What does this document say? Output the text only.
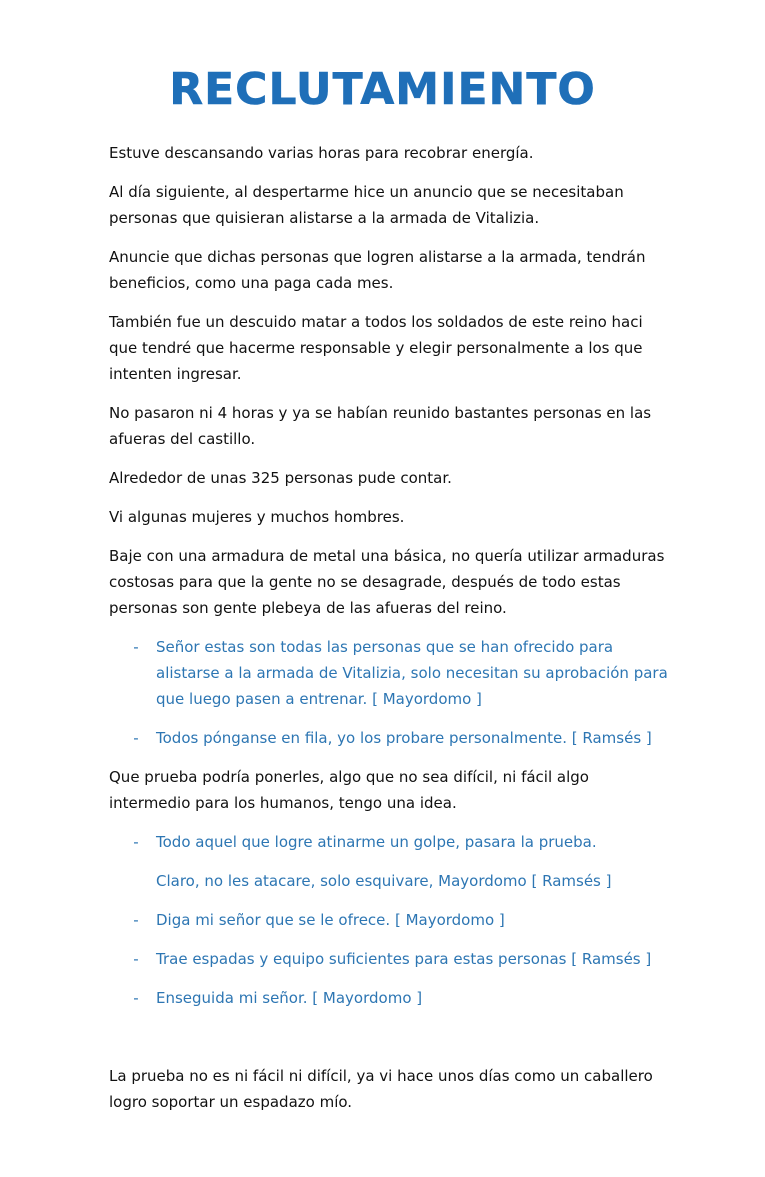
RECLUTAMIENTO

Estuve descansando varias horas para recobrar energía.

Al día siguiente, al despertarme hice un anuncio que se necesitaban personas que quisieran alistarse a la armada de Vitalizia.

Anuncie que dichas personas que logren alistarse a la armada, tendrán beneficios, como una paga cada mes.

También fue un descuido matar a todos los soldados de este reino haci que tendré que hacerme responsable y elegir personalmente a los que intenten ingresar.

No pasaron ni 4 horas y ya se habían reunido bastantes personas en las afueras del castillo.

Alrededor de unas 325 personas pude contar.

Vi algunas mujeres y muchos hombres.

Baje con una armadura de metal una básica, no quería utilizar armaduras costosas para que la gente no se desagrade, después de todo estas personas son gente plebeya de las afueras del reino.

- Señor estas son todas las personas que se han ofrecido para alistarse a la armada de Vitalizia, solo necesitan su aprobación para que luego pasen a entrenar. [ Mayordomo ]
- Todos pónganse en fila, yo los probare personalmente. [ Ramsés ]

Que prueba podría ponerles, algo que no sea difícil, ni fácil algo intermedio para los humanos, tengo una idea.

- Todo aquel que logre atinarme un golpe, pasara la prueba.
Claro, no les atacare, solo esquivare, Mayordomo [ Ramsés ]
- Diga mi señor que se le ofrece. [ Mayordomo ]
- Trae espadas y equipo suficientes para estas personas [ Ramsés ]
- Enseguida mi señor. [ Mayordomo ]

La prueba no es ni fácil ni difícil, ya vi hace unos días como un caballero logro soportar un espadazo mío.
